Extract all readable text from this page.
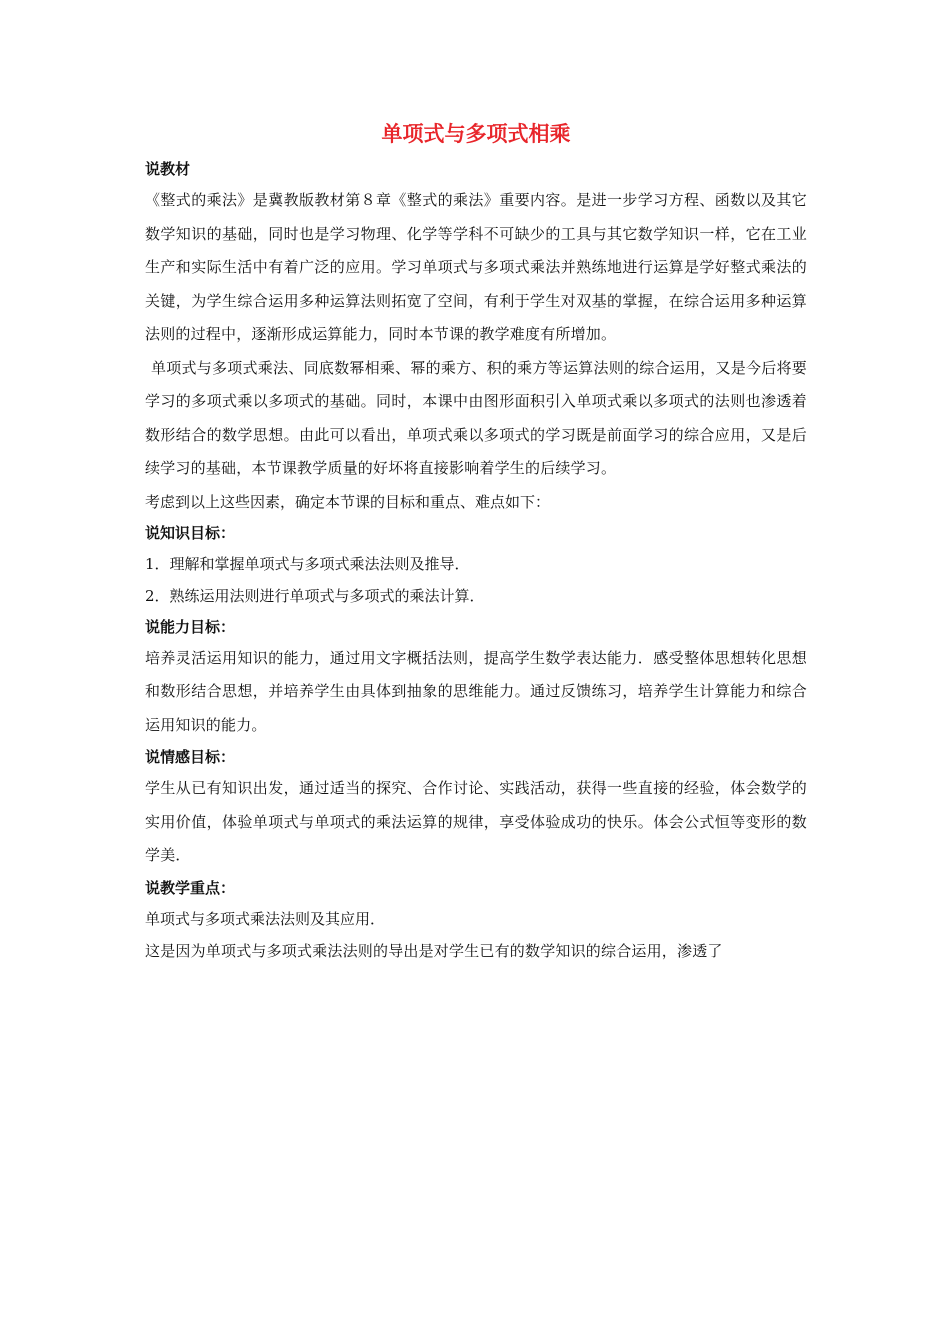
单项式与多项式相乘

说教材

《整式的乘法》是冀教版教材第８章《整式的乘法》重要内容。是进一步学习方程、函数以及其它数学知识的基础，同时也是学习物理、化学等学科不可缺少的工具与其它数学知识一样，它在工业生产和实际生活中有着广泛的应用。学习单项式与多项式乘法并熟练地进行运算是学好整式乘法的关键，为学生综合运用多种运算法则拓宽了空间，有利于学生对双基的掌握，在综合运用多种运算法则的过程中，逐渐形成运算能力，同时本节课的教学难度有所增加。

单项式与多项式乘法、同底数幂相乘、幂的乘方、积的乘方等运算法则的综合运用，又是今后将要学习的多项式乘以多项式的基础。同时，本课中由图形面积引入单项式乘以多项式的法则也渗透着数形结合的数学思想。由此可以看出，单项式乘以多项式的学习既是前面学习的综合应用，又是后续学习的基础，本节课教学质量的好坏将直接影响着学生的后续学习。

考虑到以上这些因素，确定本节课的目标和重点、难点如下：

说知识目标：

1．理解和掌握单项式与多项式乘法法则及推导．

2．熟练运用法则进行单项式与多项式的乘法计算．

说能力目标：

培养灵活运用知识的能力，通过用文字概括法则，提高学生数学表达能力．感受整体思想转化思想和数形结合思想，并培养学生由具体到抽象的思维能力。通过反馈练习，培养学生计算能力和综合运用知识的能力。

说情感目标：

学生从已有知识出发，通过适当的探究、合作讨论、实践活动，获得一些直接的经验，体会数学的实用价值，体验单项式与单项式的乘法运算的规律，享受体验成功的快乐。体会公式恒等变形的数学美．

说教学重点：

单项式与多项式乘法法则及其应用．

这是因为单项式与多项式乘法法则的导出是对学生已有的数学知识的综合运用，渗透了
